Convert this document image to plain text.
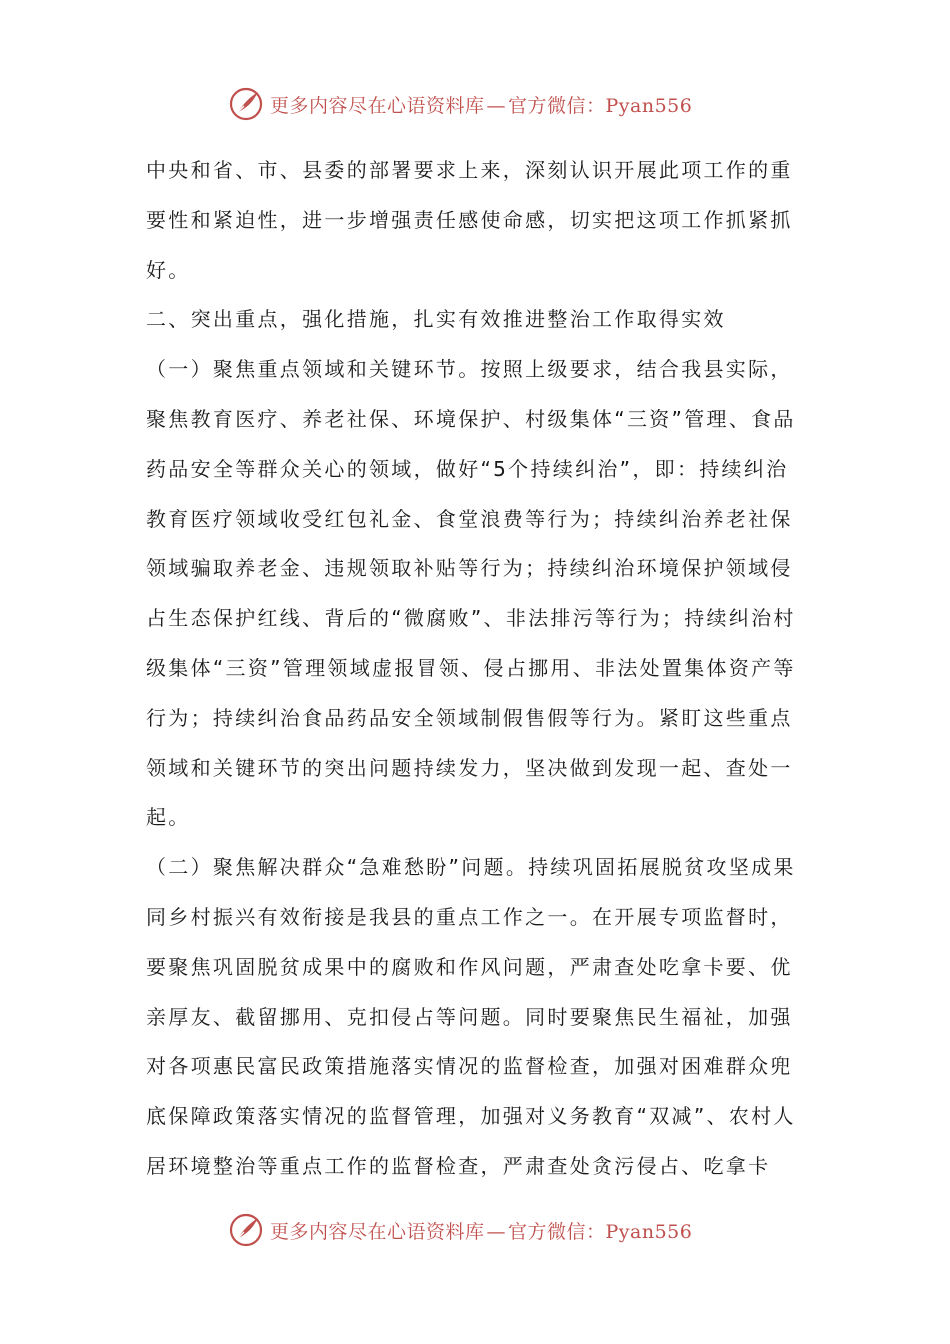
更多内容尽在心语资料库 — 官方微信：Pyan556

中央和省、市、县委的部署要求上来，深刻认识开展此项工作的重要性和紧迫性，进一步增强责任感使命感，切实把这项工作抓紧抓好。

二、突出重点，强化措施，扎实有效推进整治工作取得实效

（一）聚焦重点领域和关键环节。按照上级要求，结合我县实际，聚焦教育医疗、养老社保、环境保护、村级集体“三资”管理、食品药品安全等群众关心的领域，做好“5个持续纠治”，即：持续纠治教育医疗领域收受红包礼金、食堂浪费等行为；持续纠治养老社保领域骗取养老金、违规领取补贴等行为；持续纠治环境保护领域侵占生态保护红线、背后的“微腐败”、非法排污等行为；持续纠治村级集体“三资”管理领域虚报冒领、侵占挪用、非法处置集体资产等行为；持续纠治食品药品安全领域制假售假等行为。紧盯这些重点领域和关键环节的突出问题持续发力，坚决做到发现一起、查处一起。

（二）聚焦解决群众“急难愁盼”问题。持续巩固拓展脱贫攻坚成果同乡村振兴有效衔接是我县的重点工作之一。在开展专项监督时，要聚焦巩固脱贫成果中的腐败和作风问题，严肃查处吃拿卡要、优亲厚友、截留挪用、克扣侵占等问题。同时要聚焦民生福祉，加强对各项惠民富民政策措施落实情况的监督检查，加强对困难群众兜底保障政策落实情况的监督管理，加强对义务教育“双减”、农村人居环境整治等重点工作的监督检查，严肃查处贪污侵占、吃拿卡

更多内容尽在心语资料库 — 官方微信：Pyan556
